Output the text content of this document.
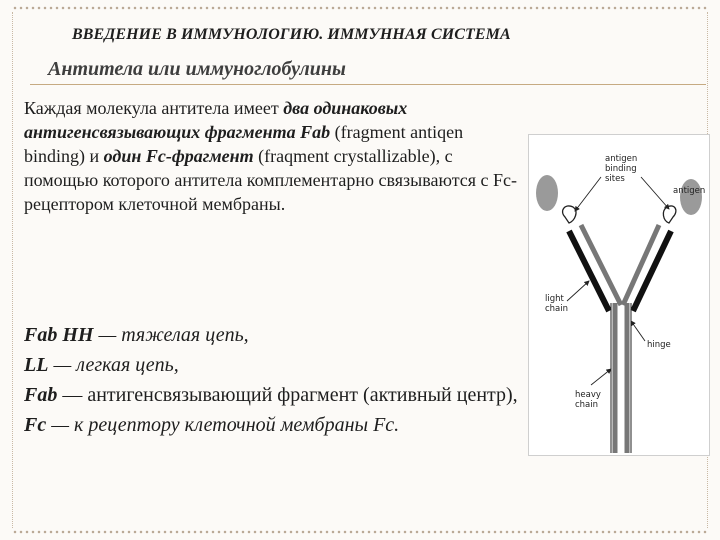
ВВЕДЕНИЕ В ИММУНОЛОГИЮ. ИММУННАЯ СИСТЕМА
Антитела или иммуноглобулины
Каждая молекула антитела имеет два одинаковых антигенсвязывающих фрагмента Fab (fragment antiqen binding) и один Fc-фрагмент (fraqment crystallizable), с помощью которого антитела комплементарно связываются с Fc-рецептором клеточной мембраны.
Fab HH — тяжелая цепь,
LL — легкая цепь,
Fab — антигенсвязывающий фрагмент (активный центр),
Fc — к рецептору клеточной мембраны Fc.
antigen
binding
sites
antigen
light
chain
hinge
heavy
chain
